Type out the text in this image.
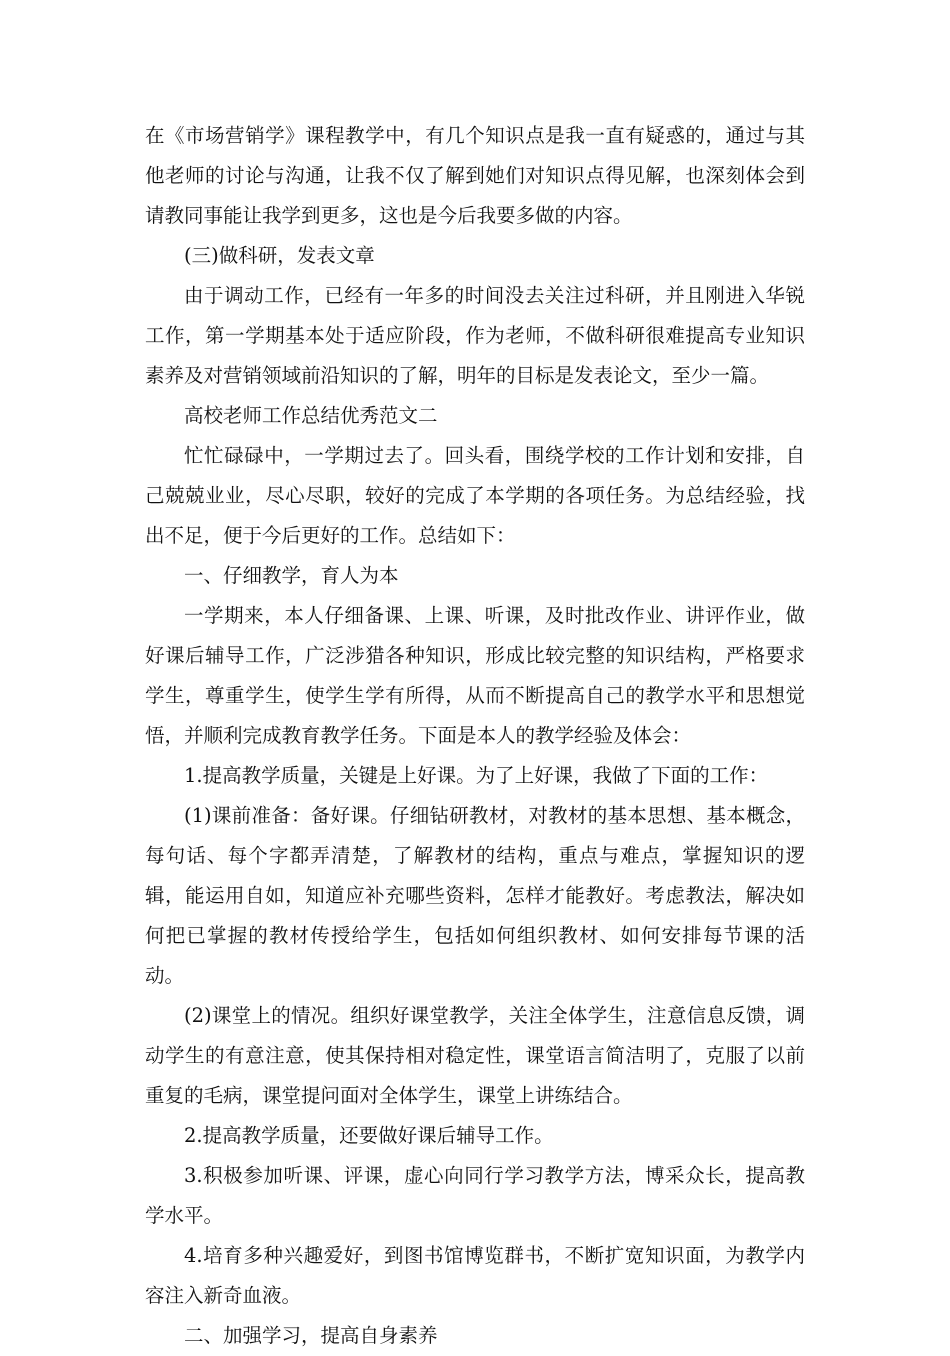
在《市场营销学》课程教学中，有几个知识点是我一直有疑惑的，通过与其他老师的讨论与沟通，让我不仅了解到她们对知识点得见解，也深刻体会到请教同事能让我学到更多，这也是今后我要多做的内容。

(三)做科研，发表文章

由于调动工作，已经有一年多的时间没去关注过科研，并且刚进入华锐工作，第一学期基本处于适应阶段，作为老师，不做科研很难提高专业知识素养及对营销领域前沿知识的了解，明年的目标是发表论文，至少一篇。

高校老师工作总结优秀范文二

忙忙碌碌中，一学期过去了。回头看，围绕学校的工作计划和安排，自己兢兢业业，尽心尽职，较好的完成了本学期的各项任务。为总结经验，找出不足，便于今后更好的工作。总结如下：

一、仔细教学，育人为本

一学期来，本人仔细备课、上课、听课，及时批改作业、讲评作业，做好课后辅导工作，广泛涉猎各种知识，形成比较完整的知识结构，严格要求学生，尊重学生，使学生学有所得，从而不断提高自己的教学水平和思想觉悟，并顺利完成教育教学任务。下面是本人的教学经验及体会：

1.提高教学质量，关键是上好课。为了上好课，我做了下面的工作：

(1)课前准备：备好课。仔细钻研教材，对教材的基本思想、基本概念，每句话、每个字都弄清楚，了解教材的结构，重点与难点，掌握知识的逻辑，能运用自如，知道应补充哪些资料，怎样才能教好。考虑教法，解决如何把已掌握的教材传授给学生，包括如何组织教材、如何安排每节课的活动。

(2)课堂上的情况。组织好课堂教学，关注全体学生，注意信息反馈，调动学生的有意注意，使其保持相对稳定性，课堂语言简洁明了，克服了以前重复的毛病，课堂提问面对全体学生，课堂上讲练结合。

2.提高教学质量，还要做好课后辅导工作。

3.积极参加听课、评课，虚心向同行学习教学方法，博采众长，提高教学水平。

4.培育多种兴趣爱好，到图书馆博览群书，不断扩宽知识面，为教学内容注入新奇血液。

二、加强学习，提高自身素养
